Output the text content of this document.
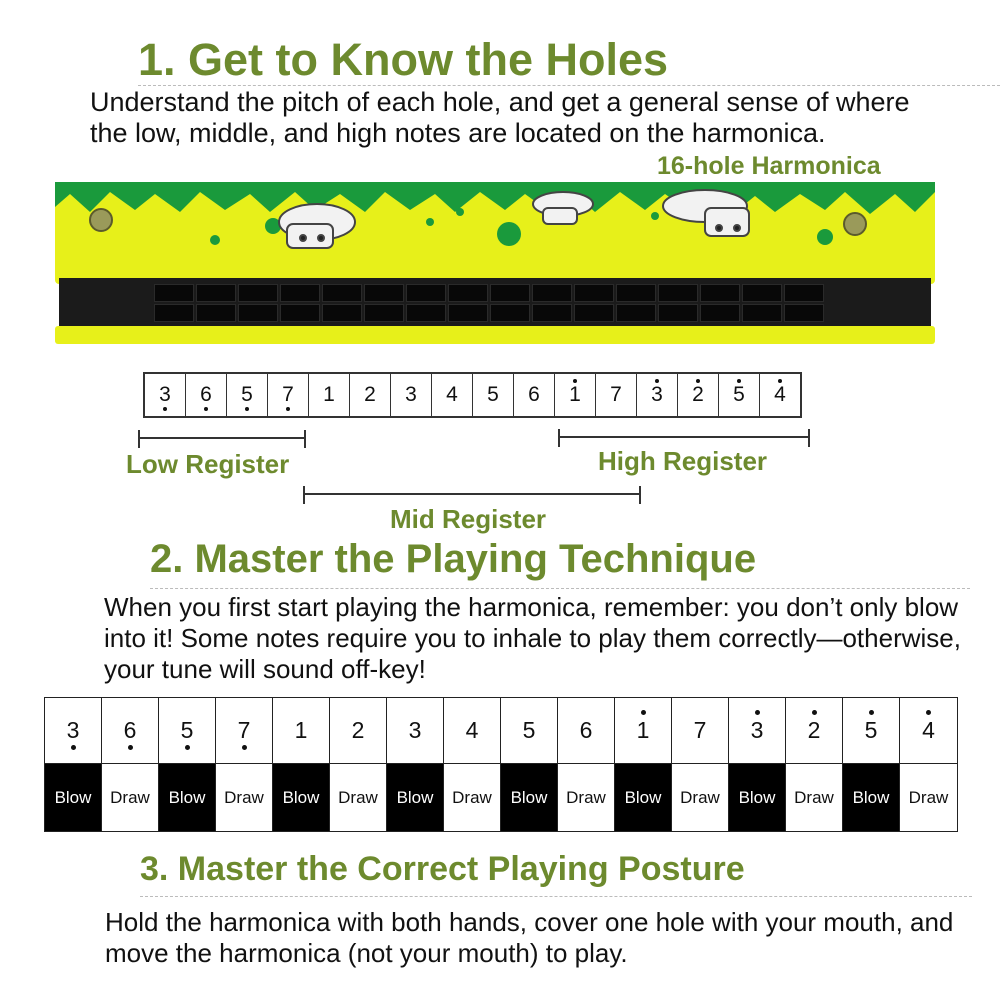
1. Get to Know the Holes
Understand the pitch of each hole, and get a general sense of where the low, middle, and high notes are located on the harmonica.
16-hole Harmonica
3	6	5	7	1	2	3	4	5	6	1	7	3	2	5	4
Low Register	High Register
Mid Register
2. Master the Playing Technique
When you first start playing the harmonica, remember: you don’t only blow into it! Some notes require you to inhale to play them correctly—otherwise, your tune will sound off-key!
3 6 5 7 1 2 3 4 5 6 1 7 3 2 5 4
Blow	Draw	Blow	Draw	Blow	Draw	Blow	Draw	Blow	Draw	Blow	Draw	Blow	Draw	Blow	Draw
3. Master the Correct Playing Posture
Hold the harmonica with both hands, cover one hole with your mouth, and move the harmonica (not your mouth) to play.
